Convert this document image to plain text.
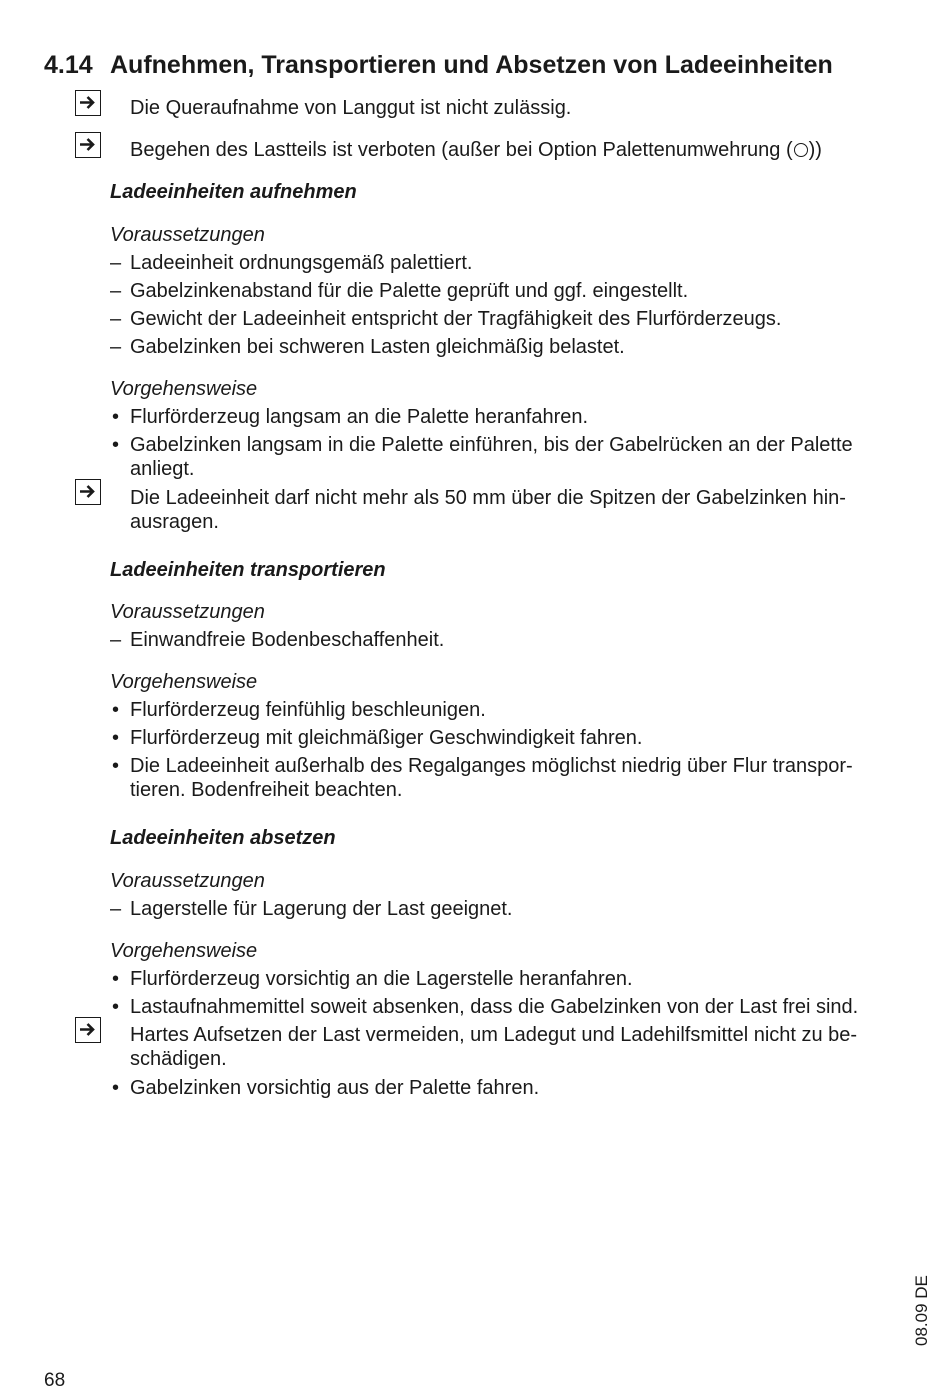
4.14 Aufnehmen, Transportieren und Absetzen von Ladeeinheiten
Die Queraufnahme von Langgut ist nicht zulässig.
Begehen des Lastteils ist verboten (außer bei Option Palettenumwehrung ( ))
Ladeeinheiten aufnehmen
Voraussetzungen
– Ladeeinheit ordnungsgemäß palettiert.
– Gabelzinkenabstand für die Palette geprüft und ggf. eingestellt.
– Gewicht der Ladeeinheit entspricht der Tragfähigkeit des Flurförderzeugs.
– Gabelzinken bei schweren Lasten gleichmäßig belastet.
Vorgehensweise
• Flurförderzeug langsam an die Palette heranfahren.
• Gabelzinken langsam in die Palette einführen, bis der Gabelrücken an der Palette
anliegt.
Die Ladeeinheit darf nicht mehr als 50 mm über die Spitzen der Gabelzinken hin-
ausragen.
Ladeeinheiten transportieren
Voraussetzungen
– Einwandfreie Bodenbeschaffenheit.
Vorgehensweise
• Flurförderzeug feinfühlig beschleunigen.
• Flurförderzeug mit gleichmäßiger Geschwindigkeit fahren.
• Die Ladeeinheit außerhalb des Regalganges möglichst niedrig über Flur transpor-
tieren. Bodenfreiheit beachten.
Ladeeinheiten absetzen
Voraussetzungen
– Lagerstelle für Lagerung der Last geeignet.
Vorgehensweise
• Flurförderzeug vorsichtig an die Lagerstelle heranfahren.
• Lastaufnahmemittel soweit absenken, dass die Gabelzinken von der Last frei sind.
Hartes Aufsetzen der Last vermeiden, um Ladegut und Ladehilfsmittel nicht zu be-
schädigen.
• Gabelzinken vorsichtig aus der Palette fahren.
68
08.09 DE
